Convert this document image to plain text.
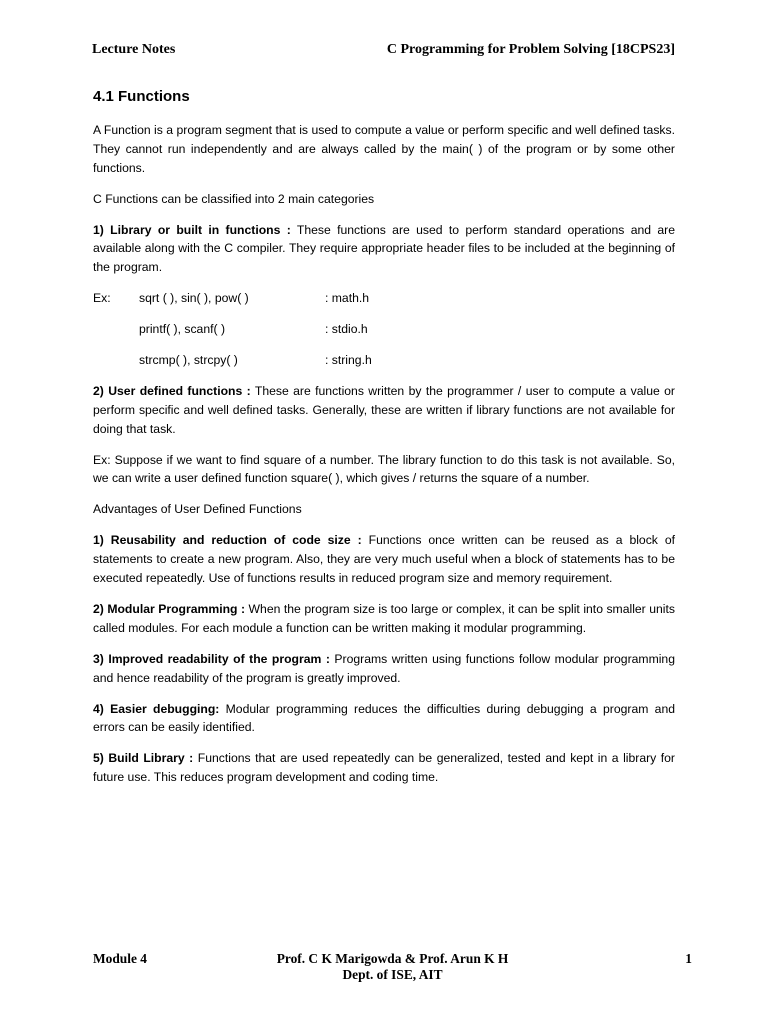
Lecture Notes	C Programming for Problem Solving [18CPS23]
4.1 Functions

A Function is a program segment that is used to compute a value or perform specific and well defined tasks. They cannot run independently and are always called by the main( ) of the program or by some other functions.

C Functions can be classified into 2 main categories

1) Library or built in functions : These functions are used to perform standard operations and are available along with the C compiler. They require appropriate header files to be included at the beginning of the program.

Ex:	sqrt ( ), sin( ), pow( )	: math.h
printf( ), scanf( )	: stdio.h
strcmp( ), strcpy( )	: string.h

2) User defined functions : These are functions written by the programmer / user to compute a value or perform specific and well defined tasks. Generally, these are written if library functions are not available for doing that task.

Ex: Suppose if we want to find square of a number. The library function to do this task is not available. So, we can write a user defined function square( ), which gives / returns the square of a number.

Advantages of User Defined Functions

1) Reusability and reduction of code size : Functions once written can be reused as a block of statements to create a new program. Also, they are very much useful when a block of statements has to be executed repeatedly. Use of functions results in reduced program size and memory requirement.

2) Modular Programming : When the program size is too large or complex, it can be split into smaller units called modules. For each module a function can be written making it modular programming.

3) Improved readability of the program : Programs written using functions follow modular programming and hence readability of the program is greatly improved.

4) Easier debugging: Modular programming reduces the difficulties during debugging a program and errors can be easily identified.

5) Build Library : Functions that are used repeatedly can be generalized, tested and kept in a library for future use. This reduces program development and coding time.

Module 4	Prof. C K Marigowda & Prof. Arun K H
Dept. of ISE, AIT
1
